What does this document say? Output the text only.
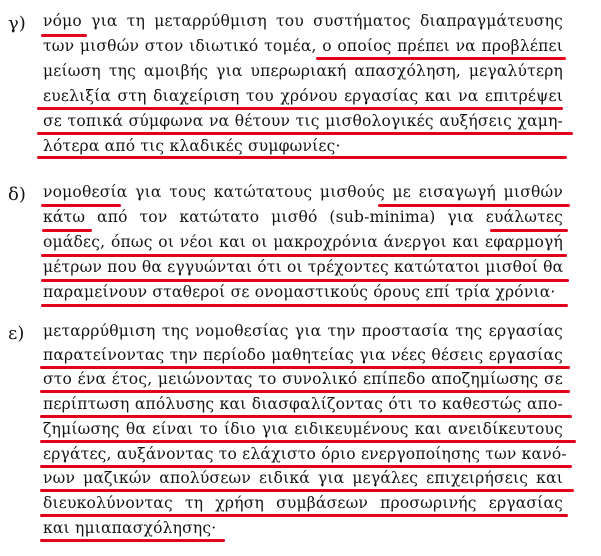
γ) νόμο για τη μεταρρύθμιση του συστήματος διαπραγμάτευσης
των μισθών στον ιδιωτικό τομέα, ο οποίος πρέπει να προβλέπει
μείωση της αμοιβής για υπερωριακή απασχόληση, μεγαλύτερη
ευελιξία στη διαχείριση του χρόνου εργασίας και να επιτρέψει
σε τοπικά σύμφωνα να θέτουν τις μισθολογικές αυξήσεις χαμη-
λότερα από τις κλαδικές συμφωνίες·
δ) νομοθεσία για τους κατώτατους μισθούς με εισαγωγή μισθών
κάτω από τον κατώτατο μισθό (sub-minima) για ευάλωτες
ομάδες, όπως οι νέοι και οι μακροχρόνια άνεργοι και εφαρμογή
μέτρων που θα εγγυώνται ότι οι τρέχοντες κατώτατοι μισθοί θα
παραμείνουν σταθεροί σε ονομαστικούς όρους επί τρία χρόνια·
ε) μεταρρύθμιση της νομοθεσίας για την προστασία της εργασίας
παρατείνοντας την περίοδο μαθητείας για νέες θέσεις εργασίας
στο ένα έτος, μειώνοντας το συνολικό επίπεδο αποζημίωσης σε
περίπτωση απόλυσης και διασφαλίζοντας ότι το καθεστώς απο-
ζημίωσης θα είναι το ίδιο για ειδικευμένους και ανειδίκευτους
εργάτες, αυξάνοντας το ελάχιστο όριο ενεργοποίησης των κανό-
νων μαζικών απολύσεων ειδικά για μεγάλες επιχειρήσεις και
διευκολύνοντας τη χρήση συμβάσεων προσωρινής εργασίας
και ημιαπασχόλησης·
